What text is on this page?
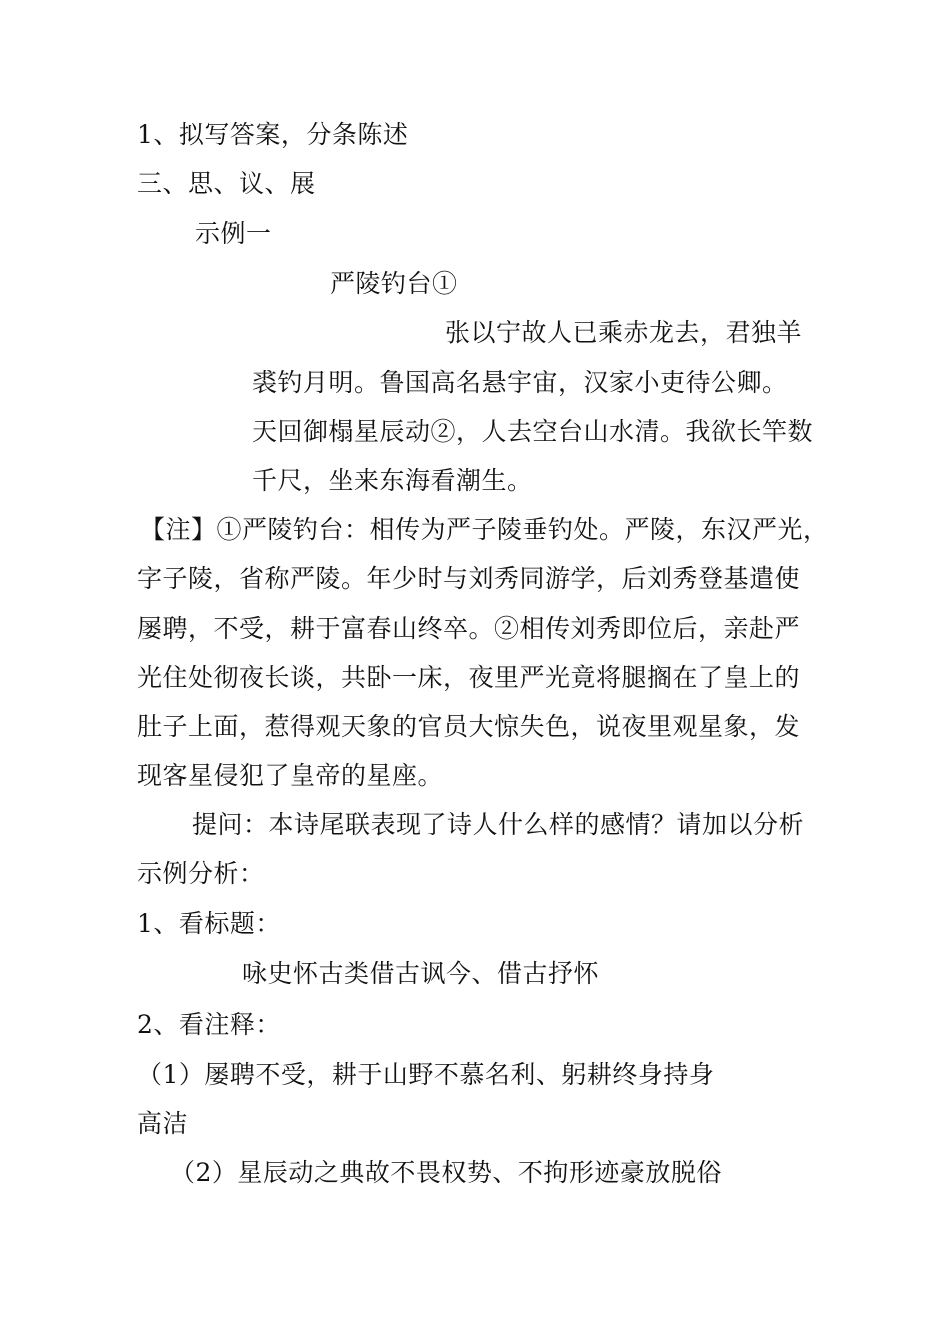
1、拟写答案，分条陈述
三、思、议、展
示例一
严陵钓台①
张以宁故人已乘赤龙去，君独羊
裘钓月明。鲁国高名悬宇宙，汉家小吏待公卿。
天回御榻星辰动②，人去空台山水清。我欲长竿数
千尺，坐来东海看潮生。
【注】①严陵钓台：相传为严子陵垂钓处。严陵，东汉严光，
字子陵，省称严陵。年少时与刘秀同游学，后刘秀登基遣使
屡聘，不受，耕于富春山终卒。②相传刘秀即位后，亲赴严
光住处彻夜长谈，共卧一床，夜里严光竟将腿搁在了皇上的
肚子上面，惹得观天象的官员大惊失色，说夜里观星象，发
现客星侵犯了皇帝的星座。
提问：本诗尾联表现了诗人什么样的感情？请加以分析
示例分析：
1、看标题：
咏史怀古类借古讽今、借古抒怀
2、看注释：
（1）屡聘不受，耕于山野不慕名利、躬耕终身持身
高洁
（2）星辰动之典故不畏权势、不拘形迹豪放脱俗
